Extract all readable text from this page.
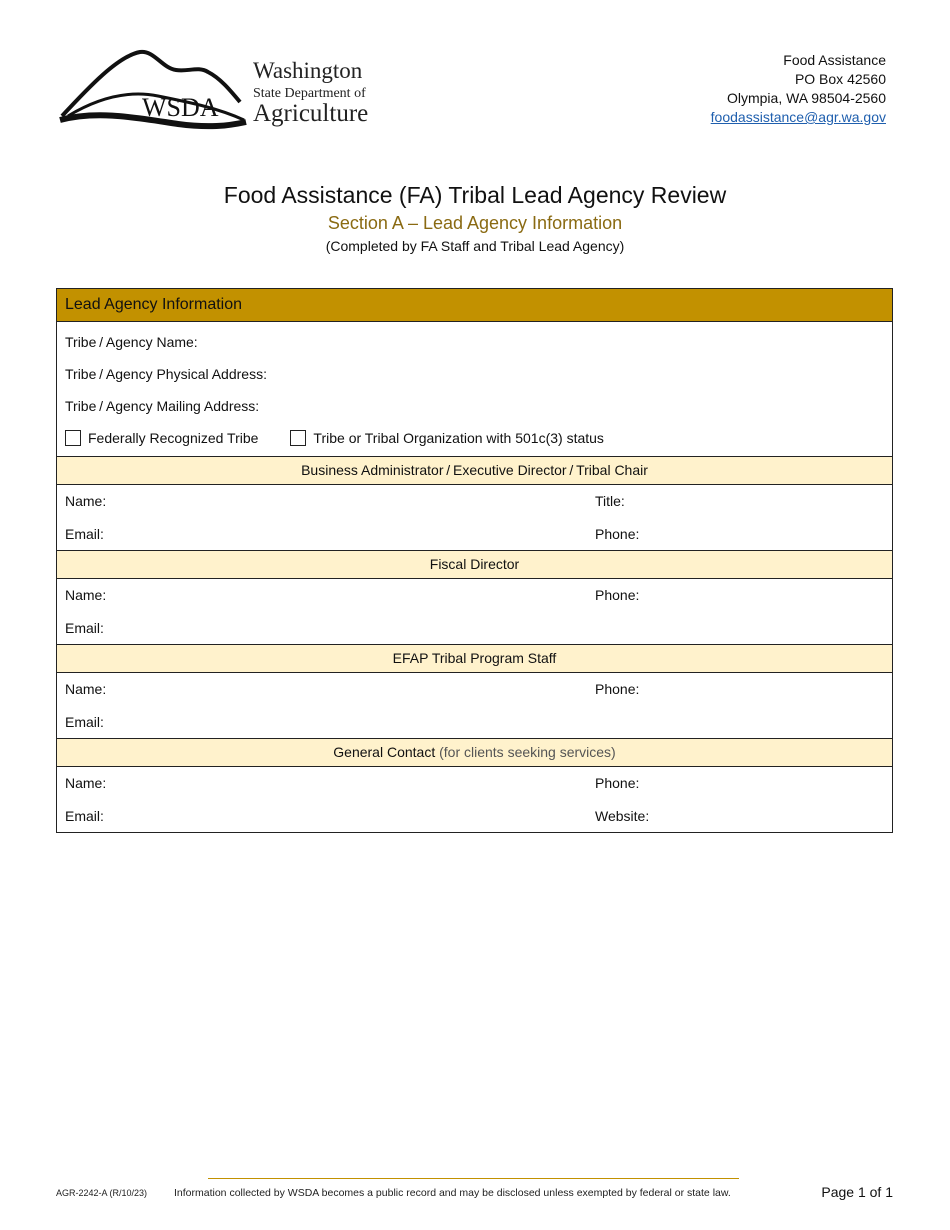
WSDA
Washington
State Department of
Agriculture
Food Assistance
PO Box 42560
Olympia, WA 98504-2560
foodassistance@agr.wa.gov
Food Assistance (FA) Tribal Lead Agency Review
Section A – Lead Agency Information
(Completed by FA Staff and Tribal Lead Agency)
Lead Agency Information
Tribe / Agency Name:
Tribe / Agency Physical Address:
Tribe / Agency Mailing Address:
Federally Recognized Tribe	Tribe or Tribal Organization with 501c(3) status
Business Administrator / Executive Director / Tribal Chair
Name:	Title:
Email:	Phone:
Fiscal Director
Name:	Phone:
Email:
EFAP Tribal Program Staff
Name:	Phone:
Email:
General Contact (for clients seeking services)
Name:	Phone:
Email:	Website:
AGR-2242-A (R/10/23)	Information collected by WSDA becomes a public record and may be disclosed unless exempted by federal or state law.	Page 1 of 1
